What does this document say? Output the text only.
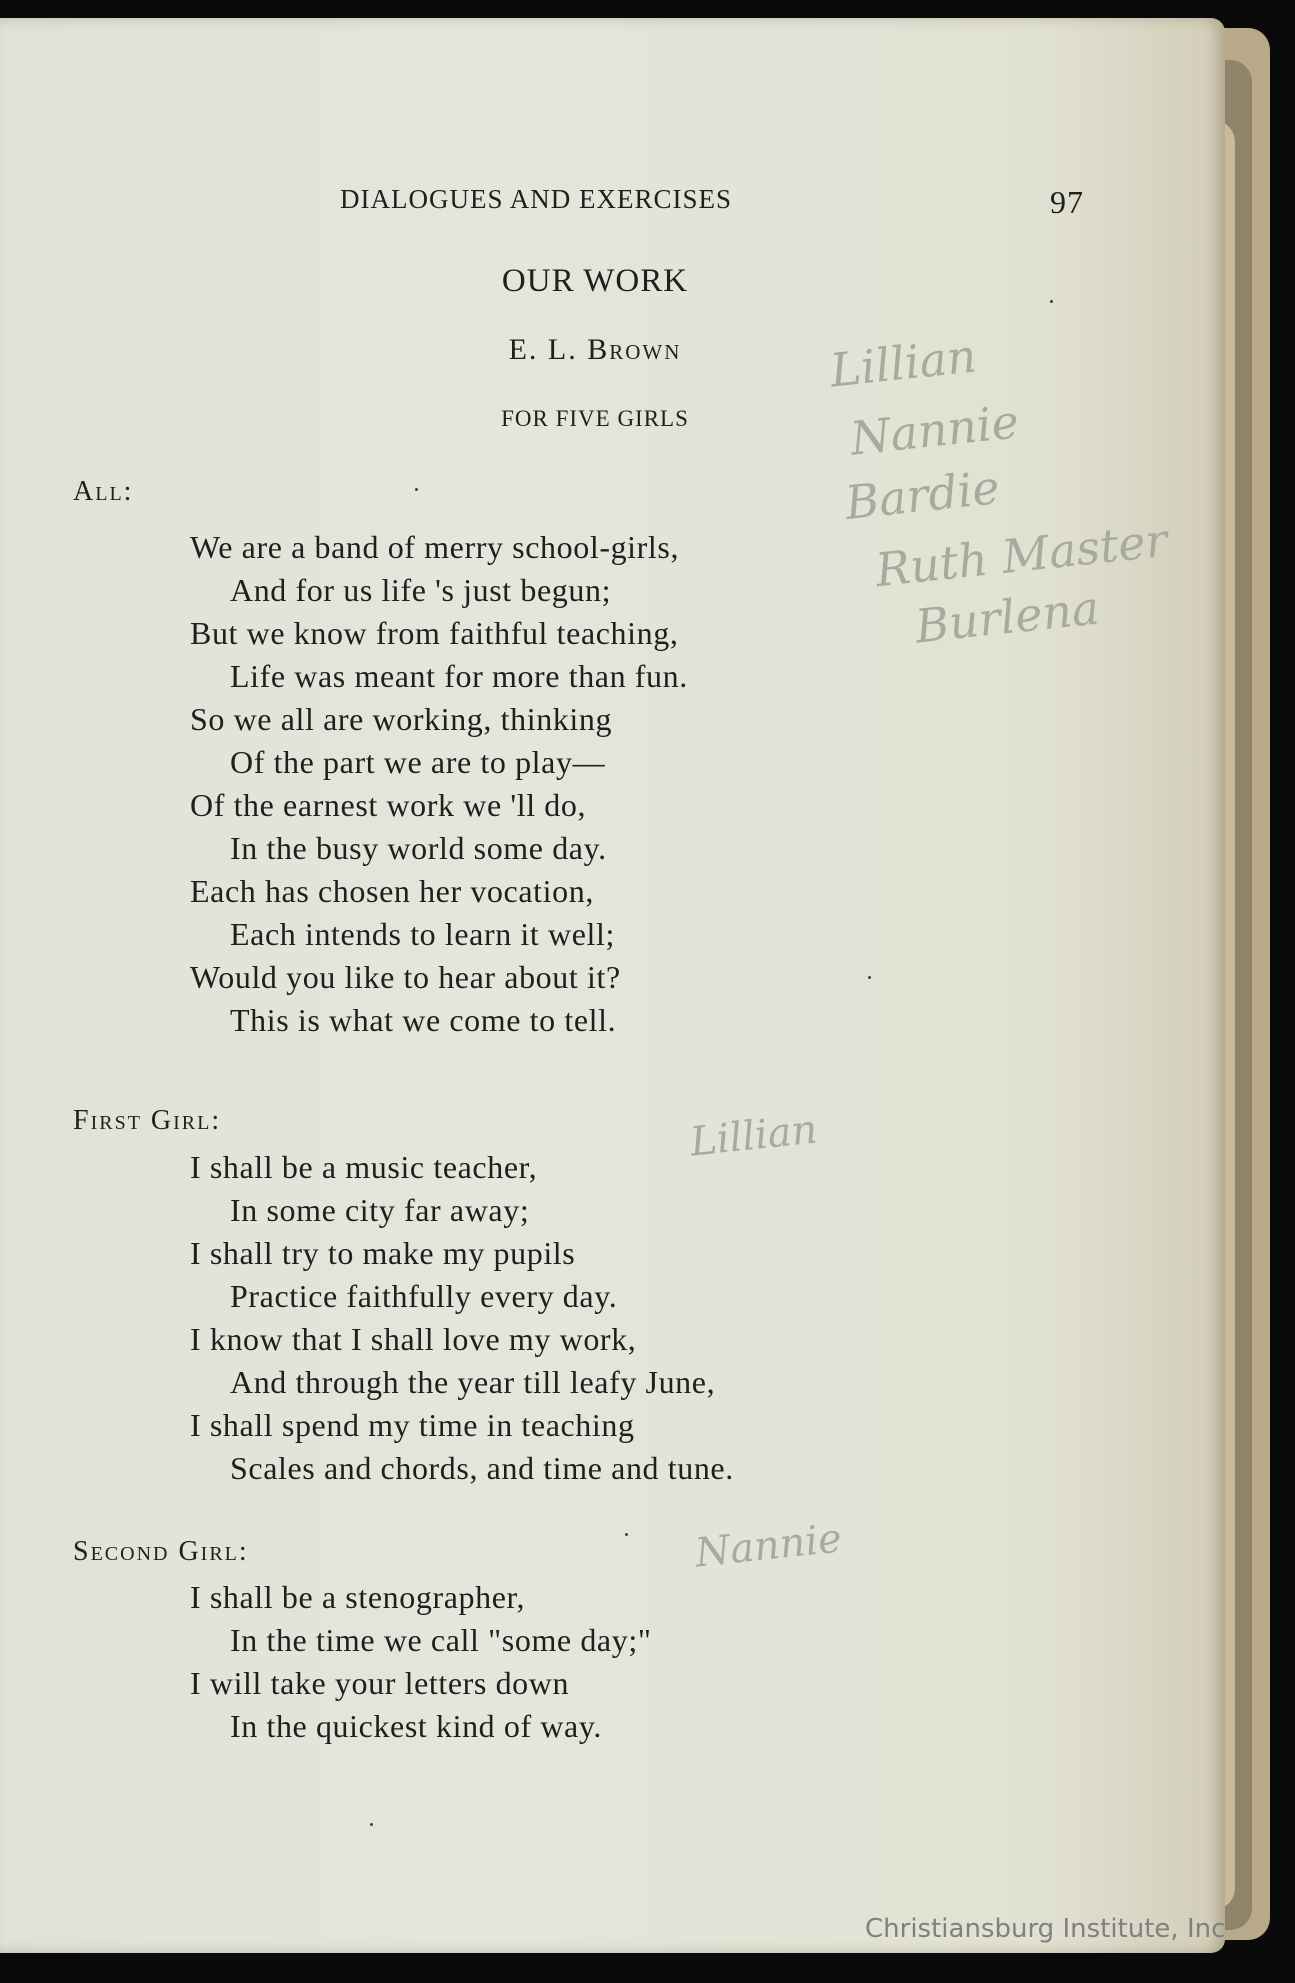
DIALOGUES AND EXERCISES	97
OUR WORK
E. L. Brown
FOR FIVE GIRLS
All:
We are a band of merry school-girls,
And for us life 's just begun;
But we know from faithful teaching,
Life was meant for more than fun.
So we all are working, thinking
Of the part we are to play—
Of the earnest work we 'll do,
In the busy world some day.
Each has chosen her vocation,
Each intends to learn it well;
Would you like to hear about it?
This is what we come to tell.
First Girl:
I shall be a music teacher,
In some city far away;
I shall try to make my pupils
Practice faithfully every day.
I know that I shall love my work,
And through the year till leafy June,
I shall spend my time in teaching
Scales and chords, and time and tune.
Second Girl:
I shall be a stenographer,
In the time we call "some day;"
I will take your letters down
In the quickest kind of way.
Lillian
Nannie
Bardie
Ruth Master
Burlena
Lillian
Nannie
Christiansburg Institute, Inc
